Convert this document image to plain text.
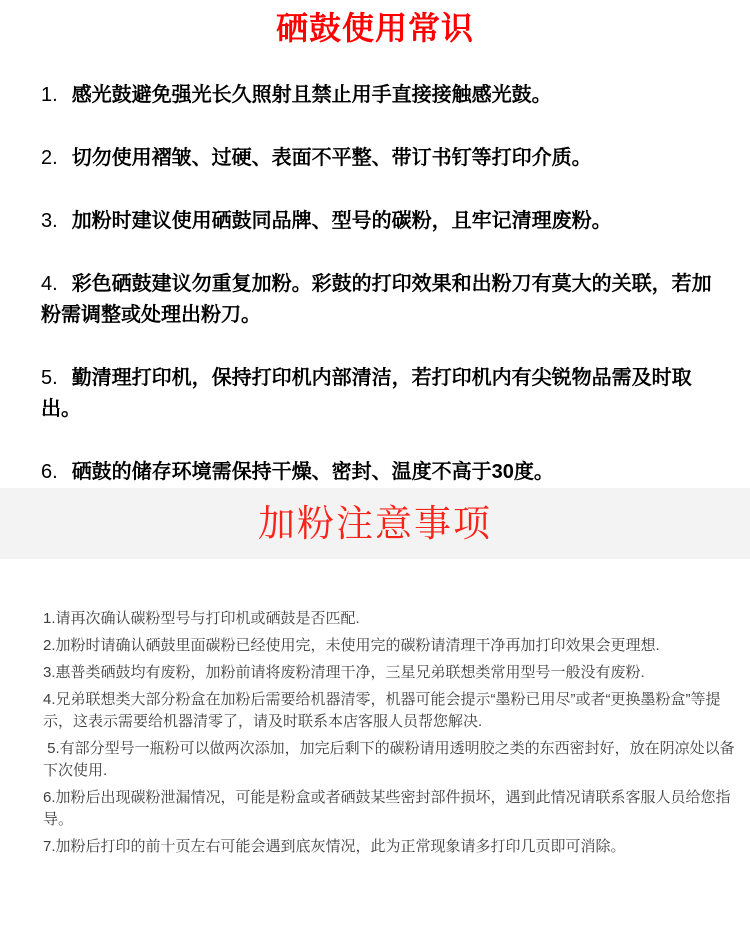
硒鼓使用常识
1. 感光鼓避免强光长久照射且禁止用手直接接触感光鼓。
2. 切勿使用褶皱、过硬、表面不平整、带订书钉等打印介质。
3. 加粉时建议使用硒鼓同品牌、型号的碳粉，且牢记清理废粉。
4. 彩色硒鼓建议勿重复加粉。彩鼓的打印效果和出粉刀有莫大的关联，若加粉需调整或处理出粉刀。
5. 勤清理打印机，保持打印机内部清洁，若打印机内有尖锐物品需及时取出。
6. 硒鼓的储存环境需保持干燥、密封、温度不高于30度。
加粉注意事项
1.请再次确认碳粉型号与打印机或硒鼓是否匹配.
2.加粉时请确认硒鼓里面碳粉已经使用完，未使用完的碳粉请清理干净再加打印效果会更理想.
3.惠普类硒鼓均有废粉，加粉前请将废粉清理干净，三星兄弟联想类常用型号一般没有废粉.
4.兄弟联想类大部分粉盒在加粉后需要给机器清零，机器可能会提示“墨粉已用尽”或者“更换墨粉盒”等提示，这表示需要给机器清零了，请及时联系本店客服人员帮您解决.
5.有部分型号一瓶粉可以做两次添加，加完后剩下的碳粉请用透明胶之类的东西密封好，放在阴凉处以备下次使用.
6.加粉后出现碳粉泄漏情况，可能是粉盒或者硒鼓某些密封部件损坏，遇到此情况请联系客服人员给您指导。
7.加粉后打印的前十页左右可能会遇到底灰情况，此为正常现象请多打印几页即可消除。
